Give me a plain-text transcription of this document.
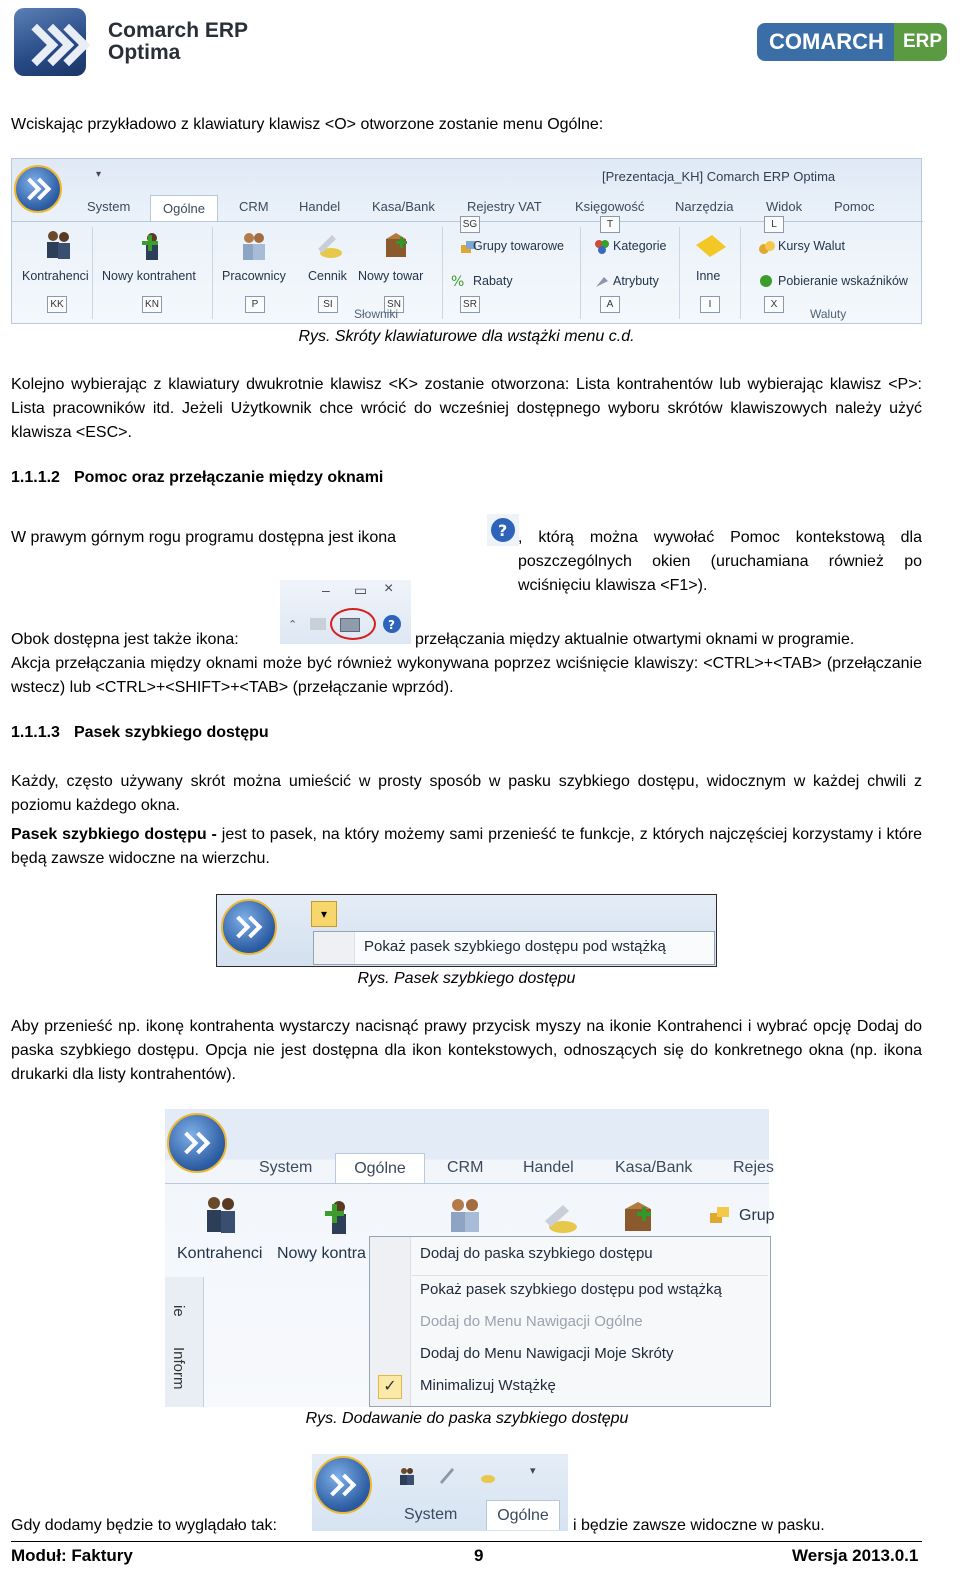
Comarch ERP
Optima	COMARCH ERP

Wciskając przykładowo z klawiatury klawisz <O> otworzone zostanie menu Ogólne:

▾	[Prezentacja_KH] Comarch ERP Optima
System	Ogólne	CRM Handel Kasa/Bank Rejestry VAT	Księgowość Narzędzia Widok Pomoc
%
Kontrahenci Nowy kontrahent Pracownicy Cennik Nowy towar
Grupy towarowe
Rabaty
Kategorie
Atrybuty	Inne
Kursy Walut
Pobieranie wskaźników
KK	KN	P	SI	SN
SG
SR
T
A	I
L
X
Słowniki	Waluty
Rys. Skróty klawiaturowe dla wstążki menu c.d.

Kolejno wybierając z klawiatury dwukrotnie klawisz <K> zostanie otworzona: Lista kontrahentów lub wybierając klawisz <P>: Lista pracowników itd. Jeżeli Użytkownik chce wrócić do wcześniej dostępnego wyboru skrótów klawiszowych należy użyć klawisza <ESC>.

1.1.1.2 Pomoc oraz przełączanie między oknami
W prawym górnym rogu programu dostępna jest ikona	? , którą można wywołać Pomoc kontekstową dla poszczególnych okien (uruchamiana również po wciśnięciu klawisza <F1>).
– ▭ ×
⌃	?
Obok dostępna jest także ikona:	przełączania między aktualnie otwartymi oknami w programie.

Akcja przełączania między oknami może być również wykonywana poprzez wciśnięcie klawiszy: <CTRL>+<TAB> (przełączanie wstecz) lub <CTRL>+<SHIFT>+<TAB> (przełączanie wprzód).

1.1.1.3 Pasek szybkiego dostępu

Każdy, często używany skrót można umieścić w prosty sposób w pasku szybkiego dostępu, widocznym w każdej chwili z poziomu każdego okna.

Pasek szybkiego dostępu - jest to pasek, na który możemy sami przenieść te funkcje, z których najczęściej korzystamy i które będą zawsze widoczne na wierzchu.

▾
Pokaż pasek szybkiego dostępu pod wstążką
Rys. Pasek szybkiego dostępu

Aby przenieść np. ikonę kontrahenta wystarczy nacisnąć prawy przycisk myszy na ikonie Kontrahenci i wybrać opcję Dodaj do paska szybkiego dostępu. Opcja nie jest dostępna dla ikon kontekstowych, odnoszących się do konkretnego okna (np. ikona drukarki dla listy kontrahentów).

System	Ogólne	CRM Handel	Kasa/Bank	Rejes
Grup
Kontrahenci Nowy kontra
ie
Inform
Dodaj do paska szybkiego dostępu
Pokaż pasek szybkiego dostępu pod wstążką
Dodaj do Menu Nawigacji Ogólne
Dodaj do Menu Nawigacji Moje Skróty
✓	Minimalizuj Wstążkę
Rys. Dodawanie do paska szybkiego dostępu
▾
System	Ogólne
Gdy dodamy będzie to wyglądało tak:	i będzie zawsze widoczne w pasku.
Moduł: Faktury	9	Wersja 2013.0.1
